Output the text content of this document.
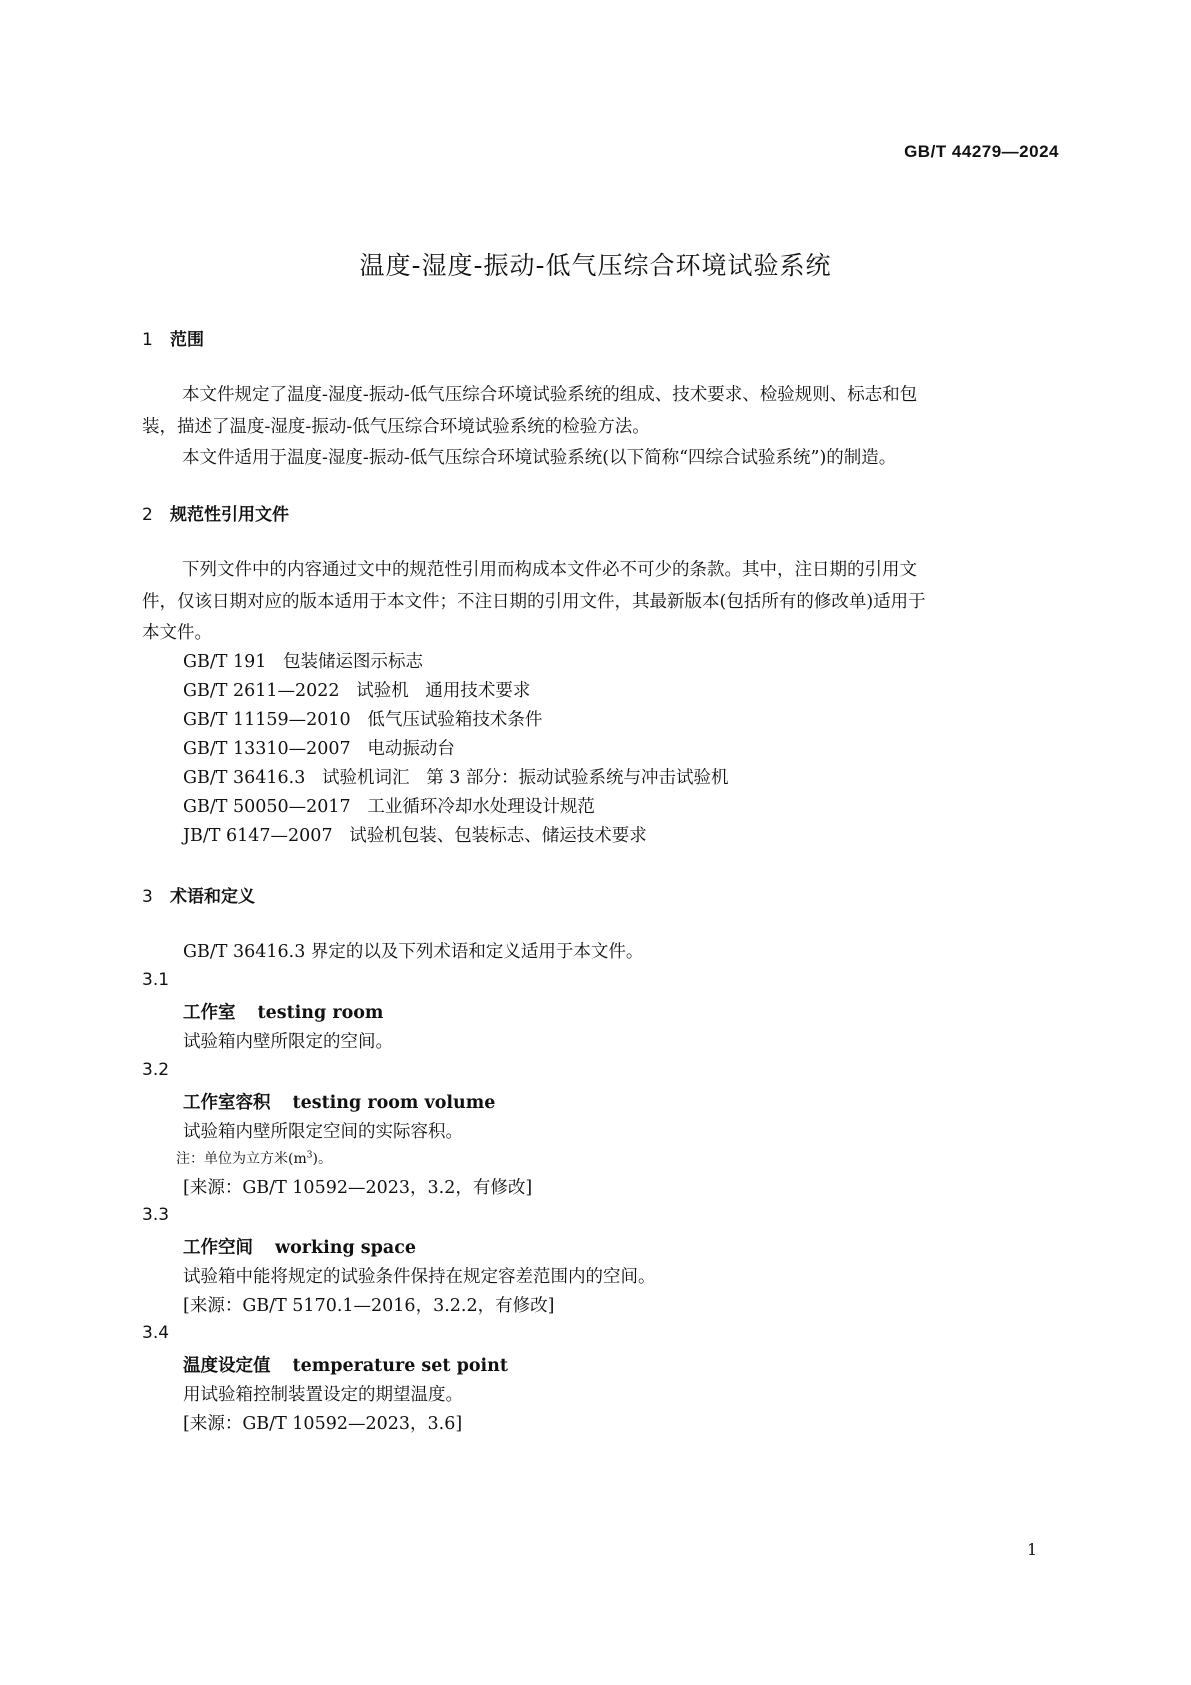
GB/T 44279—2024
温度-湿度-振动-低气压综合环境试验系统
1 范围
本文件规定了温度-湿度-振动-低气压综合环境试验系统的组成、技术要求、检验规则、标志和包
装，描述了温度-湿度-振动-低气压综合环境试验系统的检验方法。
本文件适用于温度-湿度-振动-低气压综合环境试验系统(以下简称“四综合试验系统”)的制造。
2 规范性引用文件
下列文件中的内容通过文中的规范性引用而构成本文件必不可少的条款。其中，注日期的引用文
件，仅该日期对应的版本适用于本文件；不注日期的引用文件，其最新版本(包括所有的修改单)适用于
本文件。
GB/T 191   包装储运图示标志
GB/T 2611—2022   试验机   通用技术要求
GB/T 11159—2010   低气压试验箱技术条件
GB/T 13310—2007   电动振动台
GB/T 36416.3   试验机词汇   第 3 部分：振动试验系统与冲击试验机
GB/T 50050—2017   工业循环冷却水处理设计规范
JB/T 6147—2007   试验机包装、包装标志、储运技术要求
3 术语和定义
GB/T 36416.3 界定的以及下列术语和定义适用于本文件。
3.1
工作室 testing room
试验箱内壁所限定的空间。
3.2
工作室容积 testing room volume
试验箱内壁所限定空间的实际容积。
注：单位为立方米$(m^3)$。
[来源：GB/T 10592—2023，3.2，有修改]
3.3
工作空间 working space
试验箱中能将规定的试验条件保持在规定容差范围内的空间。
[来源：GB/T 5170.1—2016，3.2.2，有修改]
3.4
温度设定值 temperature set point
用试验箱控制装置设定的期望温度。
[来源：GB/T 10592—2023，3.6]
1
